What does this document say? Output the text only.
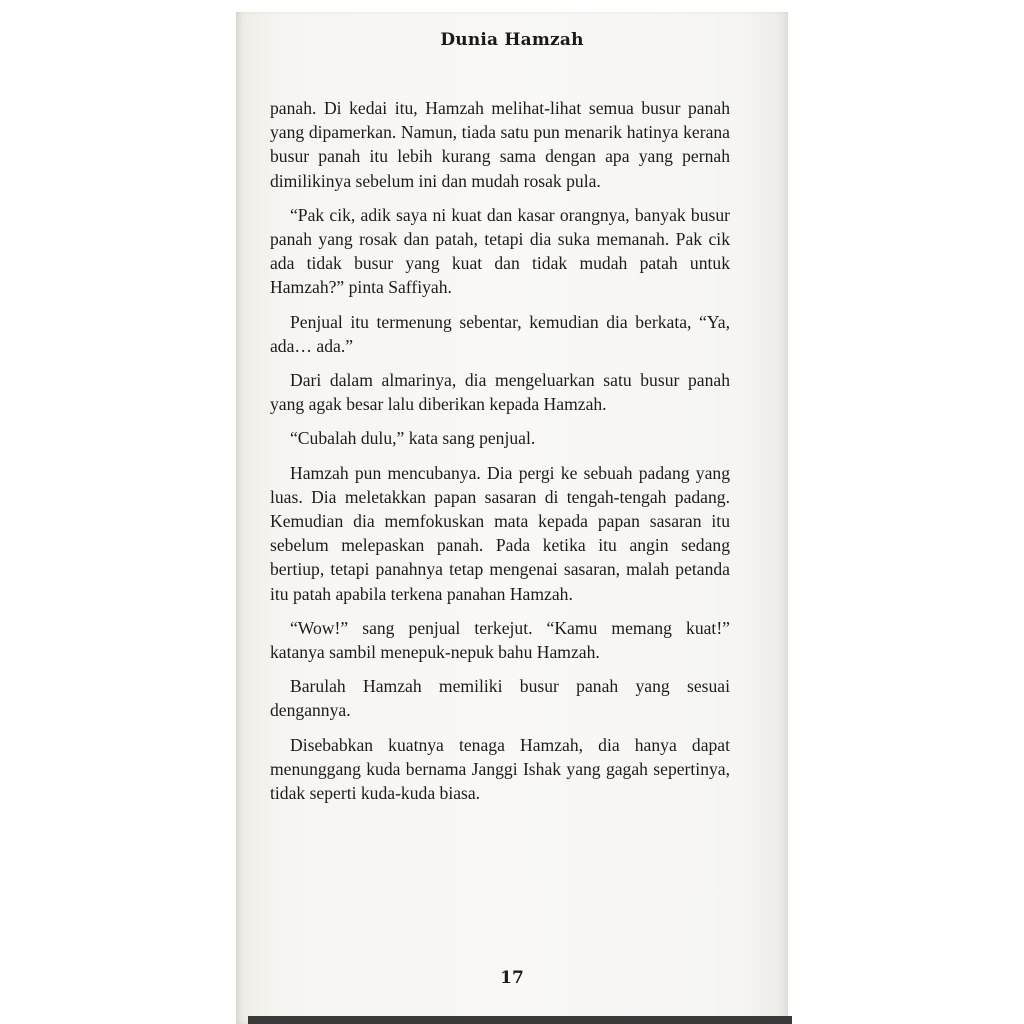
Dunia Hamzah

panah. Di kedai itu, Hamzah melihat-lihat semua busur panah yang dipamerkan. Namun, tiada satu pun menarik hatinya kerana busur panah itu lebih kurang sama dengan apa yang pernah dimilikinya sebelum ini dan mudah rosak pula.

“Pak cik, adik saya ni kuat dan kasar orangnya, banyak busur panah yang rosak dan patah, tetapi dia suka memanah. Pak cik ada tidak busur yang kuat dan tidak mudah patah untuk Hamzah?” pinta Saffiyah.

Penjual itu termenung sebentar, kemudian dia berkata, “Ya, ada… ada.”

Dari dalam almarinya, dia mengeluarkan satu busur panah yang agak besar lalu diberikan kepada Hamzah.

“Cubalah dulu,” kata sang penjual.

Hamzah pun mencubanya. Dia pergi ke sebuah padang yang luas. Dia meletakkan papan sasaran di tengah-tengah padang. Kemudian dia memfokuskan mata kepada papan sasaran itu sebelum melepaskan panah. Pada ketika itu angin sedang bertiup, tetapi panahnya tetap mengenai sasaran, malah petanda itu patah apabila terkena panahan Hamzah.

“Wow!” sang penjual terkejut. “Kamu memang kuat!” katanya sambil menepuk-nepuk bahu Hamzah.

Barulah Hamzah memiliki busur panah yang sesuai dengannya.

Disebabkan kuatnya tenaga Hamzah, dia hanya dapat menunggang kuda bernama Janggi Ishak yang gagah sepertinya, tidak seperti kuda-kuda biasa.

17
